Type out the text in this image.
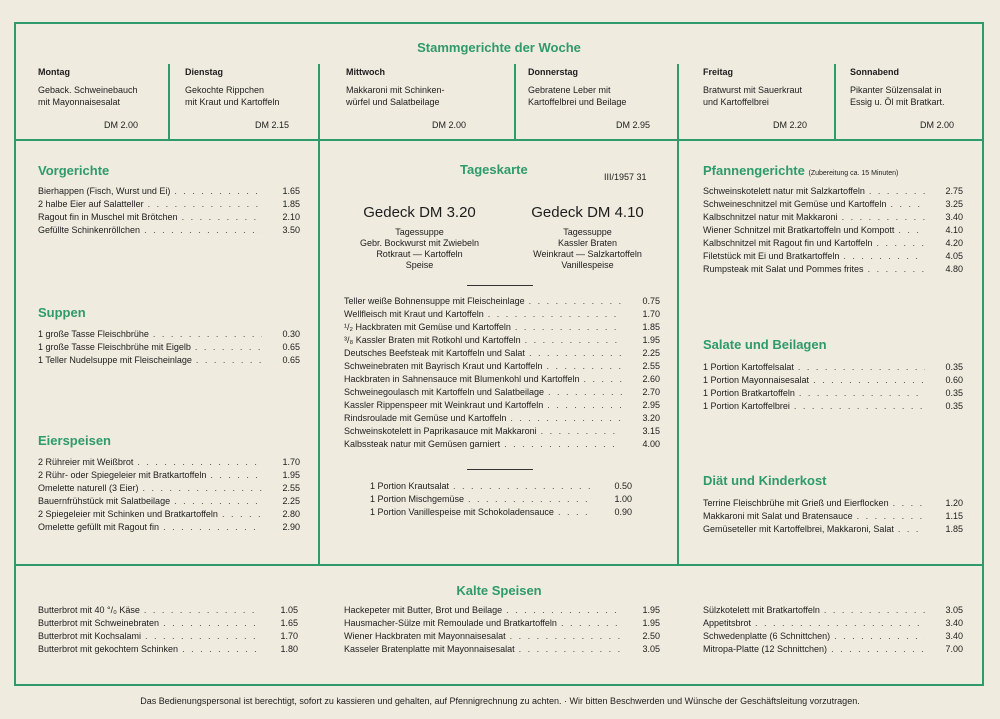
Stammgerichte der Woche
Montag
Geback. Schweinebauch
mit Mayonnaisesalat
DM 2.00
Dienstag
Gekochte Rippchen
mit Kraut und Kartoffeln
DM 2.15
Mittwoch
Makkaroni mit Schinken-
würfel und Salatbeilage
DM 2.00
Donnerstag
Gebratene Leber mit
Kartoffelbrei und Beilage
DM 2.95
Freitag
Bratwurst mit Sauerkraut
und Kartoffelbrei
DM 2.20
Sonnabend
Pikanter Sülzensalat in
Essig u. Öl mit Bratkart.
DM 2.00
Vorgerichte
Bierhappen (Fisch, Wurst und Ei) . . .	1.65
2 halbe Eier auf Salatteller . . .	1.85
Ragout fin in Muschel mit Brötchen . . .	2.10
Gefüllte Schinkenröllchen . . .	3.50
Suppen
1 große Tasse Fleischbrühe . . .	0.30
1 große Tasse Fleischbrühe mit Eigelb . . .	0.65
1 Teller Nudelsuppe mit Fleischeinlage . . .	0.65
Eierspeisen
2 Rühreier mit Weißbrot . . .	1.70
2 Rühr- oder Spiegeleier mit Bratkartoffeln . . .	1.95
Omelette naturell (3 Eier) . . .	2.55
Bauernfrühstück mit Salatbeilage . . .	2.25
2 Spiegeleier mit Schinken und Bratkartoffeln . . .	2.80
Omelette gefüllt mit Ragout fin . . .	2.90
Tageskarte	III/1957 31
Gedeck DM 3.20
Tagessuppe
Gebr. Bockwurst mit Zwiebeln
Rotkraut — Kartoffeln
Speise
Gedeck DM 4.10
Tagessuppe
Kassler Braten
Weinkraut — Salzkartoffeln
Vanillespeise
Teller weiße Bohnensuppe mit Fleischeinlage . . .	0.75
Wellfleisch mit Kraut und Kartoffeln . . .	1.70
¹/₂ Hackbraten mit Gemüse und Kartoffeln . . .	1.85
³/₈ Kassler Braten mit Rotkohl und Kartoffeln . . .	1.95
Deutsches Beefsteak mit Kartoffeln und Salat . . .	2.25
Schweinebraten mit Bayrisch Kraut und Kartoffeln . . .	2.55
Hackbraten in Sahnensauce mit Blumenkohl und Kartoffeln . . .	2.60
Schweinegoulasch mit Kartoffeln und Salatbeilage . . .	2.70
Kassler Rippenspeer mit Weinkraut und Kartoffeln . . .	2.95
Rindsroulade mit Gemüse und Kartoffeln . . .	3.20
Schweinskotelett in Paprikasauce mit Makkaroni . . .	3.15
Kalbssteak natur mit Gemüsen garniert . . .	4.00
1 Portion Krautsalat . . .	0.50
1 Portion Mischgemüse . . .	1.00
1 Portion Vanillespeise mit Schokoladensauce . . .	0.90
Pfannengerichte (Zubereitung ca. 15 Minuten)
Schweinskotelett natur mit Salzkartoffeln . . .	2.75
Schweineschnitzel mit Gemüse und Kartoffeln . . .	3.25
Kalbschnitzel natur mit Makkaroni . . .	3.40
Wiener Schnitzel mit Bratkartoffeln und Kompott . . .	4.10
Kalbschnitzel mit Ragout fin und Kartoffeln . . .	4.20
Filetstück mit Ei und Bratkartoffeln . . .	4.05
Rumpsteak mit Salat und Pommes frites . . .	4.80
Salate und Beilagen
1 Portion Kartoffelsalat . . .	0.35
1 Portion Mayonnaisesalat . . .	0.60
1 Portion Bratkartoffeln . . .	0.35
1 Portion Kartoffelbrei . . .	0.35
Diät und Kinderkost
Terrine Fleischbrühe mit Grieß und Eierflocken . . .	1.20
Makkaroni mit Salat und Bratensauce . . .	1.15
Gemüseteller mit Kartoffelbrei, Makkaroni, Salat . . .	1.85
Kalte Speisen
Butterbrot mit 40 °/₀ Käse . . .	1.05
Butterbrot mit Schweinebraten . . .	1.65
Butterbrot mit Kochsalami . . .	1.70
Butterbrot mit gekochtem Schinken . . .	1.80
Hackepeter mit Butter, Brot und Beilage . . .	1.95
Hausmacher-Sülze mit Remoulade und Bratkartoffeln . . .	1.95
Wiener Hackbraten mit Mayonnaisesalat . . .	2.50
Kasseler Bratenplatte mit Mayonnaisesalat . . .	3.05
Sülzkotelett mit Bratkartoffeln . . .	3.05
Appetitsbrot . . .	3.40
Schwedenplatte (6 Schnittchen) . . .	3.40
Mitropa-Platte (12 Schnittchen) . . .	7.00
Das Bedienungspersonal ist berechtigt, sofort zu kassieren und gehalten, auf Pfennigrechnung zu achten. · Wir bitten Beschwerden und Wünsche der Geschäftsleitung vorzutragen.
